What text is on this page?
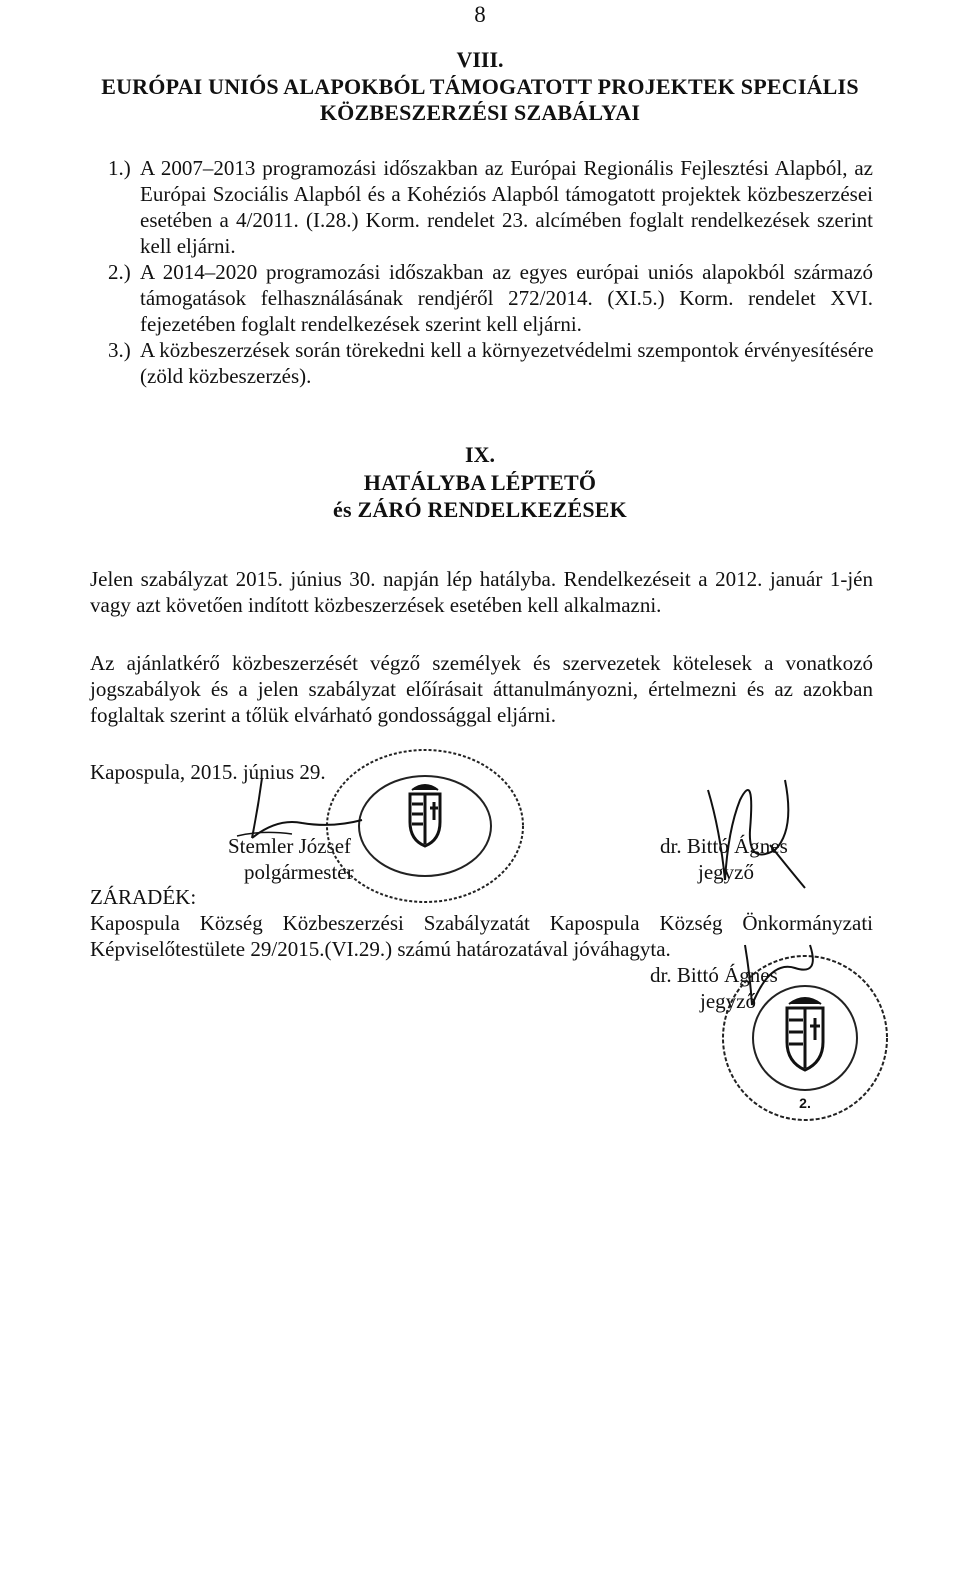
8
VIII.
EURÓPAI UNIÓS ALAPOKBÓL TÁMOGATOTT PROJEKTEK SPECIÁLIS
KÖZBESZERZÉSI SZABÁLYAI
1.) A 2007–2013 programozási időszakban az Európai Regionális Fejlesztési Alapból, az
Európai Szociális Alapból és a Kohéziós Alapból támogatott projektek közbeszerzései
esetében a 4/2011. (I.28.) Korm. rendelet 23. alcímében foglalt rendelkezések szerint
kell eljárni.
2.) A 2014–2020 programozási időszakban az egyes európai uniós alapokból származó
támogatások felhasználásának rendjéről 272/2014. (XI.5.) Korm. rendelet XVI.
fejezetében foglalt rendelkezések szerint kell eljárni.
3.) A közbeszerzések során törekedni kell a környezetvédelmi szempontok érvényesítésére
(zöld közbeszerzés).
IX.
HATÁLYBA LÉPTETŐ
és ZÁRÓ RENDELKEZÉSEK
Jelen szabályzat 2015. június 30. napján lép hatályba. Rendelkezéseit a 2012. január 1-jén
vagy azt követően indított közbeszerzések esetében kell alkalmazni.
Az ajánlatkérő közbeszerzését végző személyek és szervezetek kötelesek a vonatkozó
jogszabályok és a jelen szabályzat előírásait áttanulmányozni, értelmezni és az azokban
foglaltak szerint a tőlük elvárható gondossággal eljárni.
Kapospula, 2015. június 29.
Stemler József
polgármester
dr. Bittó Ágnes
jegyző
ZÁRADÉK:
Kapospula Község Közbeszerzési Szabályzatát Kapospula Község Önkormányzati
Képviselőtestülete 29/2015.(VI.29.) számú határozatával jóváhagyta.
dr. Bittó Ágnes
jegyző
2.
